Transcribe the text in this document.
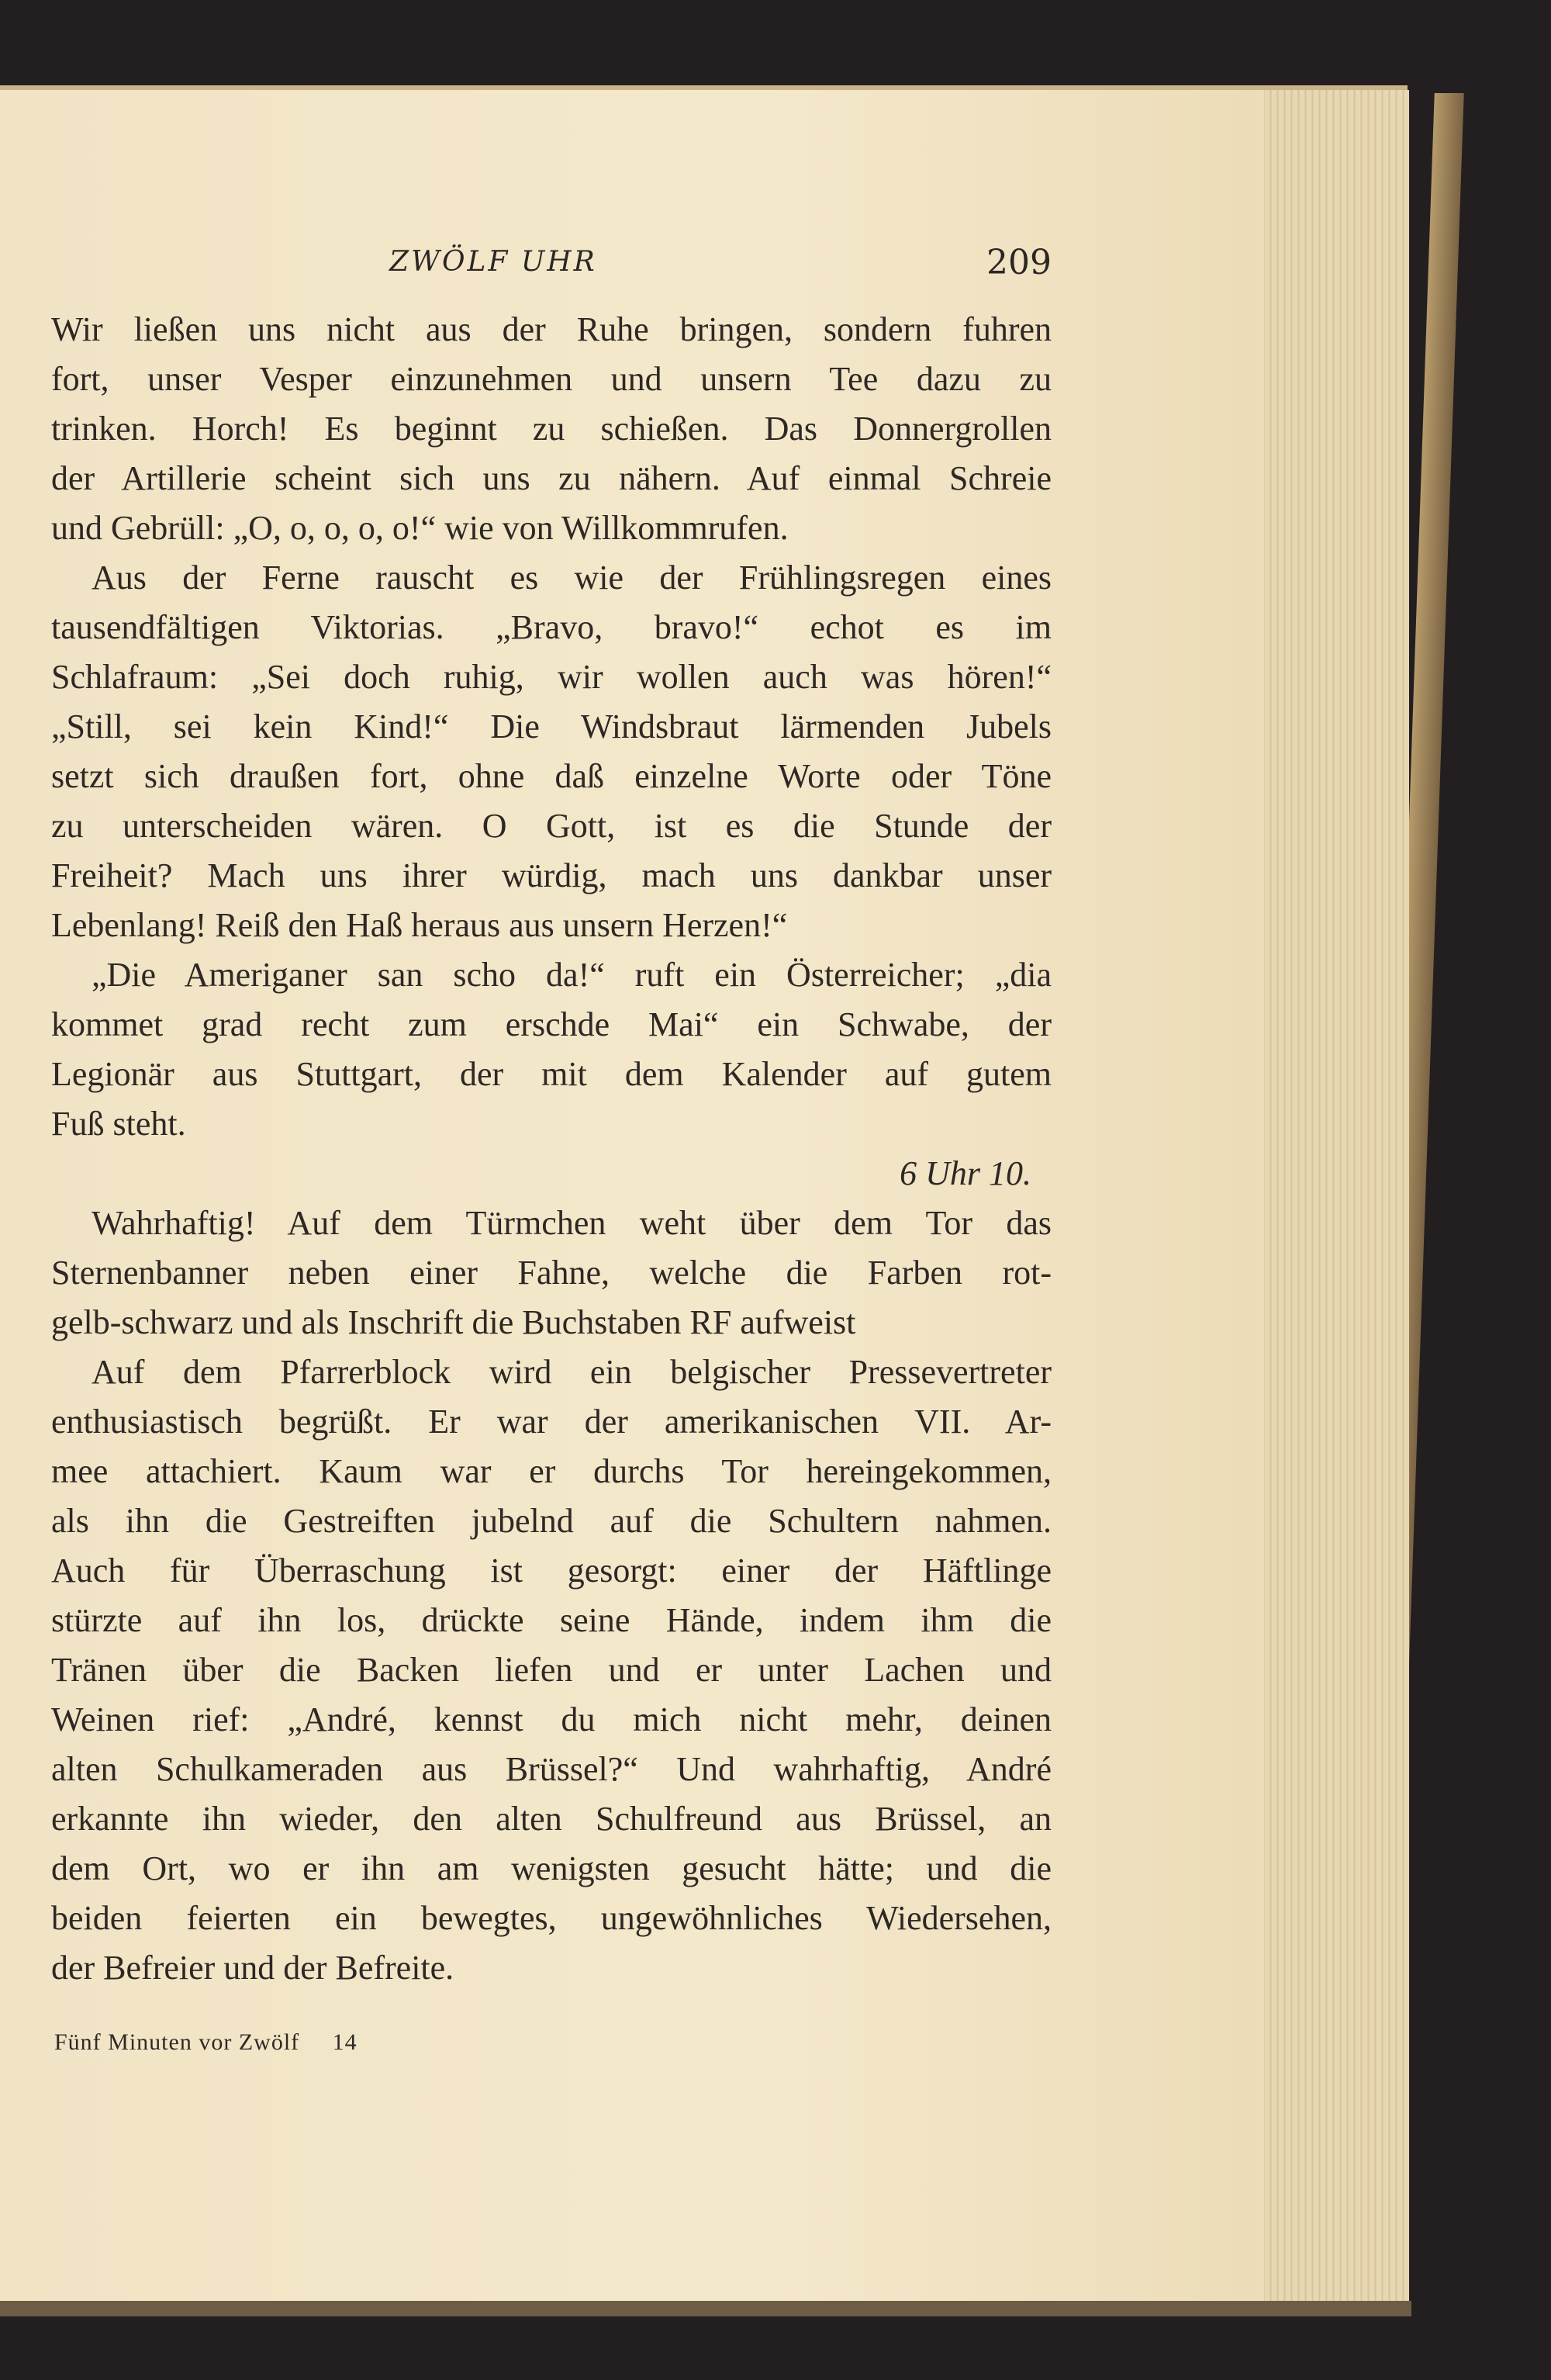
ZWÖLF UHR	209
Wir ließen uns nicht aus der Ruhe bringen, sondern fuhren
fort, unser Vesper einzunehmen und unsern Tee dazu zu
trinken. Horch! Es beginnt zu schießen. Das Donnergrollen
der Artillerie scheint sich uns zu nähern. Auf einmal Schreie
und Gebrüll: „O, o, o, o, o!“ wie von Willkommrufen.
Aus der Ferne rauscht es wie der Frühlingsregen eines
tausendfältigen Viktorias. „Bravo, bravo!“ echot es im
Schlafraum: „Sei doch ruhig, wir wollen auch was hören!“
„Still, sei kein Kind!“ Die Windsbraut lärmenden Jubels
setzt sich draußen fort, ohne daß einzelne Worte oder Töne
zu unterscheiden wären. O Gott, ist es die Stunde der
Freiheit? Mach uns ihrer würdig, mach uns dankbar unser
Lebenlang! Reiß den Haß heraus aus unsern Herzen!“
„Die Ameriganer san scho da!“ ruft ein Österreicher; „dia
kommet grad recht zum erschde Mai“ ein Schwabe, der
Legionär aus Stuttgart, der mit dem Kalender auf gutem
Fuß steht.
6 Uhr 10.
Wahrhaftig! Auf dem Türmchen weht über dem Tor das
Sternenbanner neben einer Fahne, welche die Farben rot-
gelb-schwarz und als Inschrift die Buchstaben RF aufweist
Auf dem Pfarrerblock wird ein belgischer Pressevertreter
enthusiastisch begrüßt. Er war der amerikanischen VII. Ar-
mee attachiert. Kaum war er durchs Tor hereingekommen,
als ihn die Gestreiften jubelnd auf die Schultern nahmen.
Auch für Überraschung ist gesorgt: einer der Häftlinge
stürzte auf ihn los, drückte seine Hände, indem ihm die
Tränen über die Backen liefen und er unter Lachen und
Weinen rief: „André, kennst du mich nicht mehr, deinen
alten Schulkameraden aus Brüssel?“ Und wahrhaftig, André
erkannte ihn wieder, den alten Schulfreund aus Brüssel, an
dem Ort, wo er ihn am wenigsten gesucht hätte; und die
beiden feierten ein bewegtes, ungewöhnliches Wiedersehen,
der Befreier und der Befreite.
Fünf Minuten vor Zwölf 14
